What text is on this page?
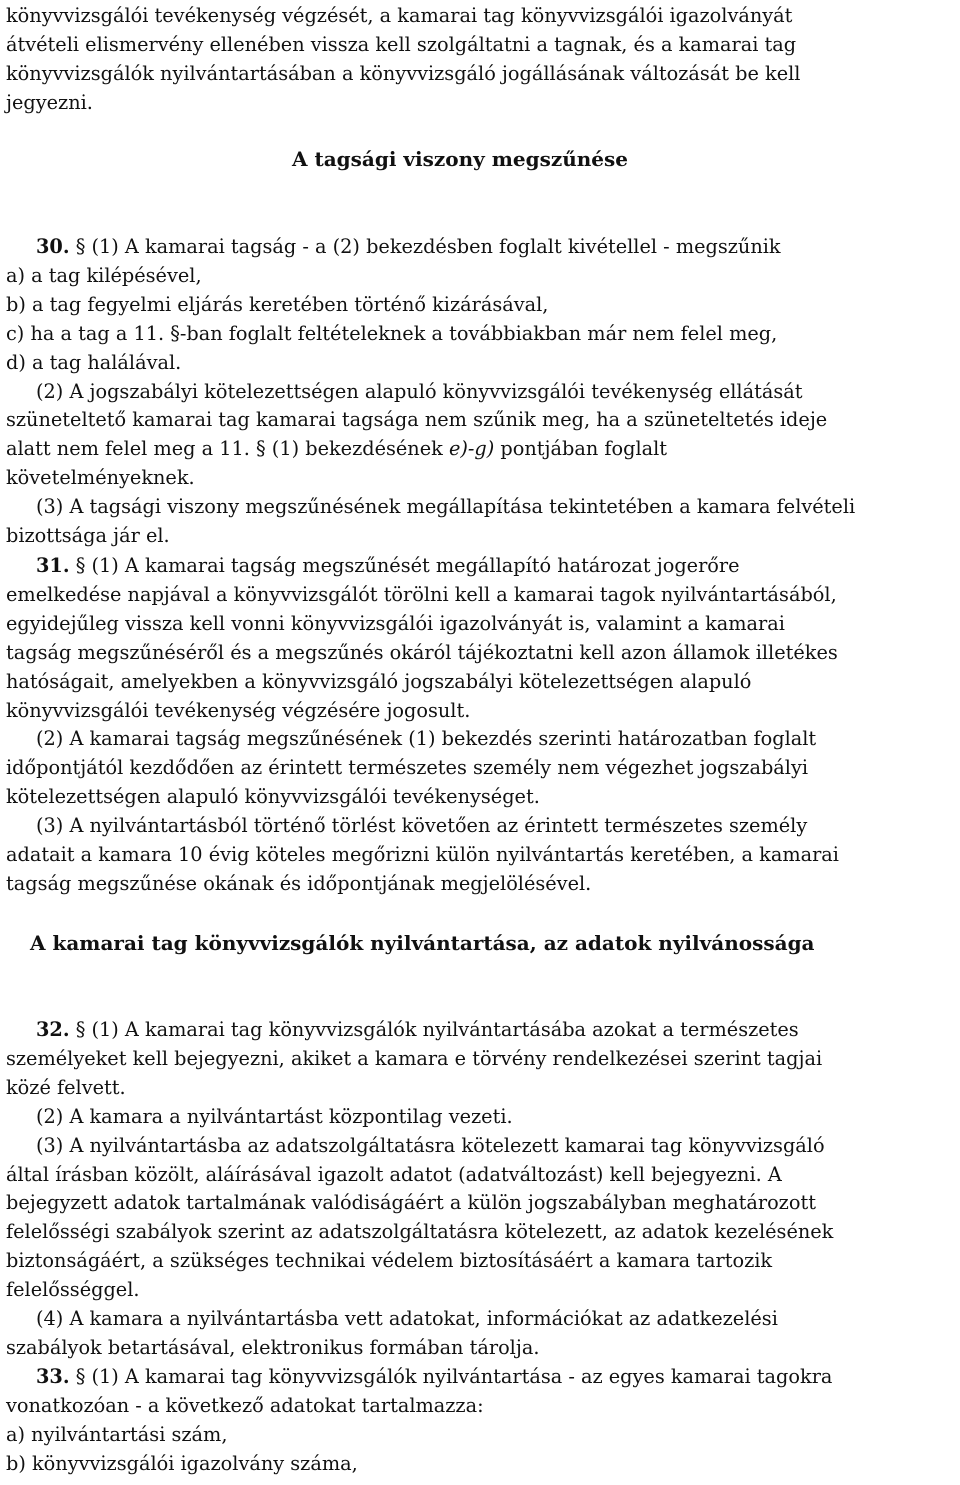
könyvvizsgálói tevékenység végzését, a kamarai tag könyvvizsgálói igazolványát
átvételi elismervény ellenében vissza kell szolgáltatni a tagnak, és a kamarai tag
könyvvizsgálók nyilvántartásában a könyvvizsgáló jogállásának változását be kell
jegyezni.
A tagsági viszony megszűnése
30. § (1) A kamarai tagság - a (2) bekezdésben foglalt kivétellel - megszűnik
a) a tag kilépésével,
b) a tag fegyelmi eljárás keretében történő kizárásával,
c) ha a tag a 11. §-ban foglalt feltételeknek a továbbiakban már nem felel meg,
d) a tag halálával.
(2) A jogszabályi kötelezettségen alapuló könyvvizsgálói tevékenység ellátását
szüneteltető kamarai tag kamarai tagsága nem szűnik meg, ha a szüneteltetés ideje
alatt nem felel meg a 11. § (1) bekezdésének e)-g) pontjában foglalt
követelményeknek.
(3) A tagsági viszony megszűnésének megállapítása tekintetében a kamara felvételi
bizottsága jár el.
31. § (1) A kamarai tagság megszűnését megállapító határozat jogerőre
emelkedése napjával a könyvvizsgálót törölni kell a kamarai tagok nyilvántartásából,
egyidejűleg vissza kell vonni könyvvizsgálói igazolványát is, valamint a kamarai
tagság megszűnéséről és a megszűnés okáról tájékoztatni kell azon államok illetékes
hatóságait, amelyekben a könyvvizsgáló jogszabályi kötelezettségen alapuló
könyvvizsgálói tevékenység végzésére jogosult.
(2) A kamarai tagság megszűnésének (1) bekezdés szerinti határozatban foglalt
időpontjától kezdődően az érintett természetes személy nem végezhet jogszabályi
kötelezettségen alapuló könyvvizsgálói tevékenységet.
(3) A nyilvántartásból történő törlést követően az érintett természetes személy
adatait a kamara 10 évig köteles megőrizni külön nyilvántartás keretében, a kamarai
tagság megszűnése okának és időpontjának megjelölésével.
A kamarai tag könyvvizsgálók nyilvántartása, az adatok nyilvánossága
32. § (1) A kamarai tag könyvvizsgálók nyilvántartásába azokat a természetes
személyeket kell bejegyezni, akiket a kamara e törvény rendelkezései szerint tagjai
közé felvett.
(2) A kamara a nyilvántartást központilag vezeti.
(3) A nyilvántartásba az adatszolgáltatásra kötelezett kamarai tag könyvvizsgáló
által írásban közölt, aláírásával igazolt adatot (adatváltozást) kell bejegyezni. A
bejegyzett adatok tartalmának valódiságáért a külön jogszabályban meghatározott
felelősségi szabályok szerint az adatszolgáltatásra kötelezett, az adatok kezelésének
biztonságáért, a szükséges technikai védelem biztosításáért a kamara tartozik
felelősséggel.
(4) A kamara a nyilvántartásba vett adatokat, információkat az adatkezelési
szabályok betartásával, elektronikus formában tárolja.
33. § (1) A kamarai tag könyvvizsgálók nyilvántartása - az egyes kamarai tagokra
vonatkozóan - a következő adatokat tartalmazza:
a) nyilvántartási szám,
b) könyvvizsgálói igazolvány száma,
